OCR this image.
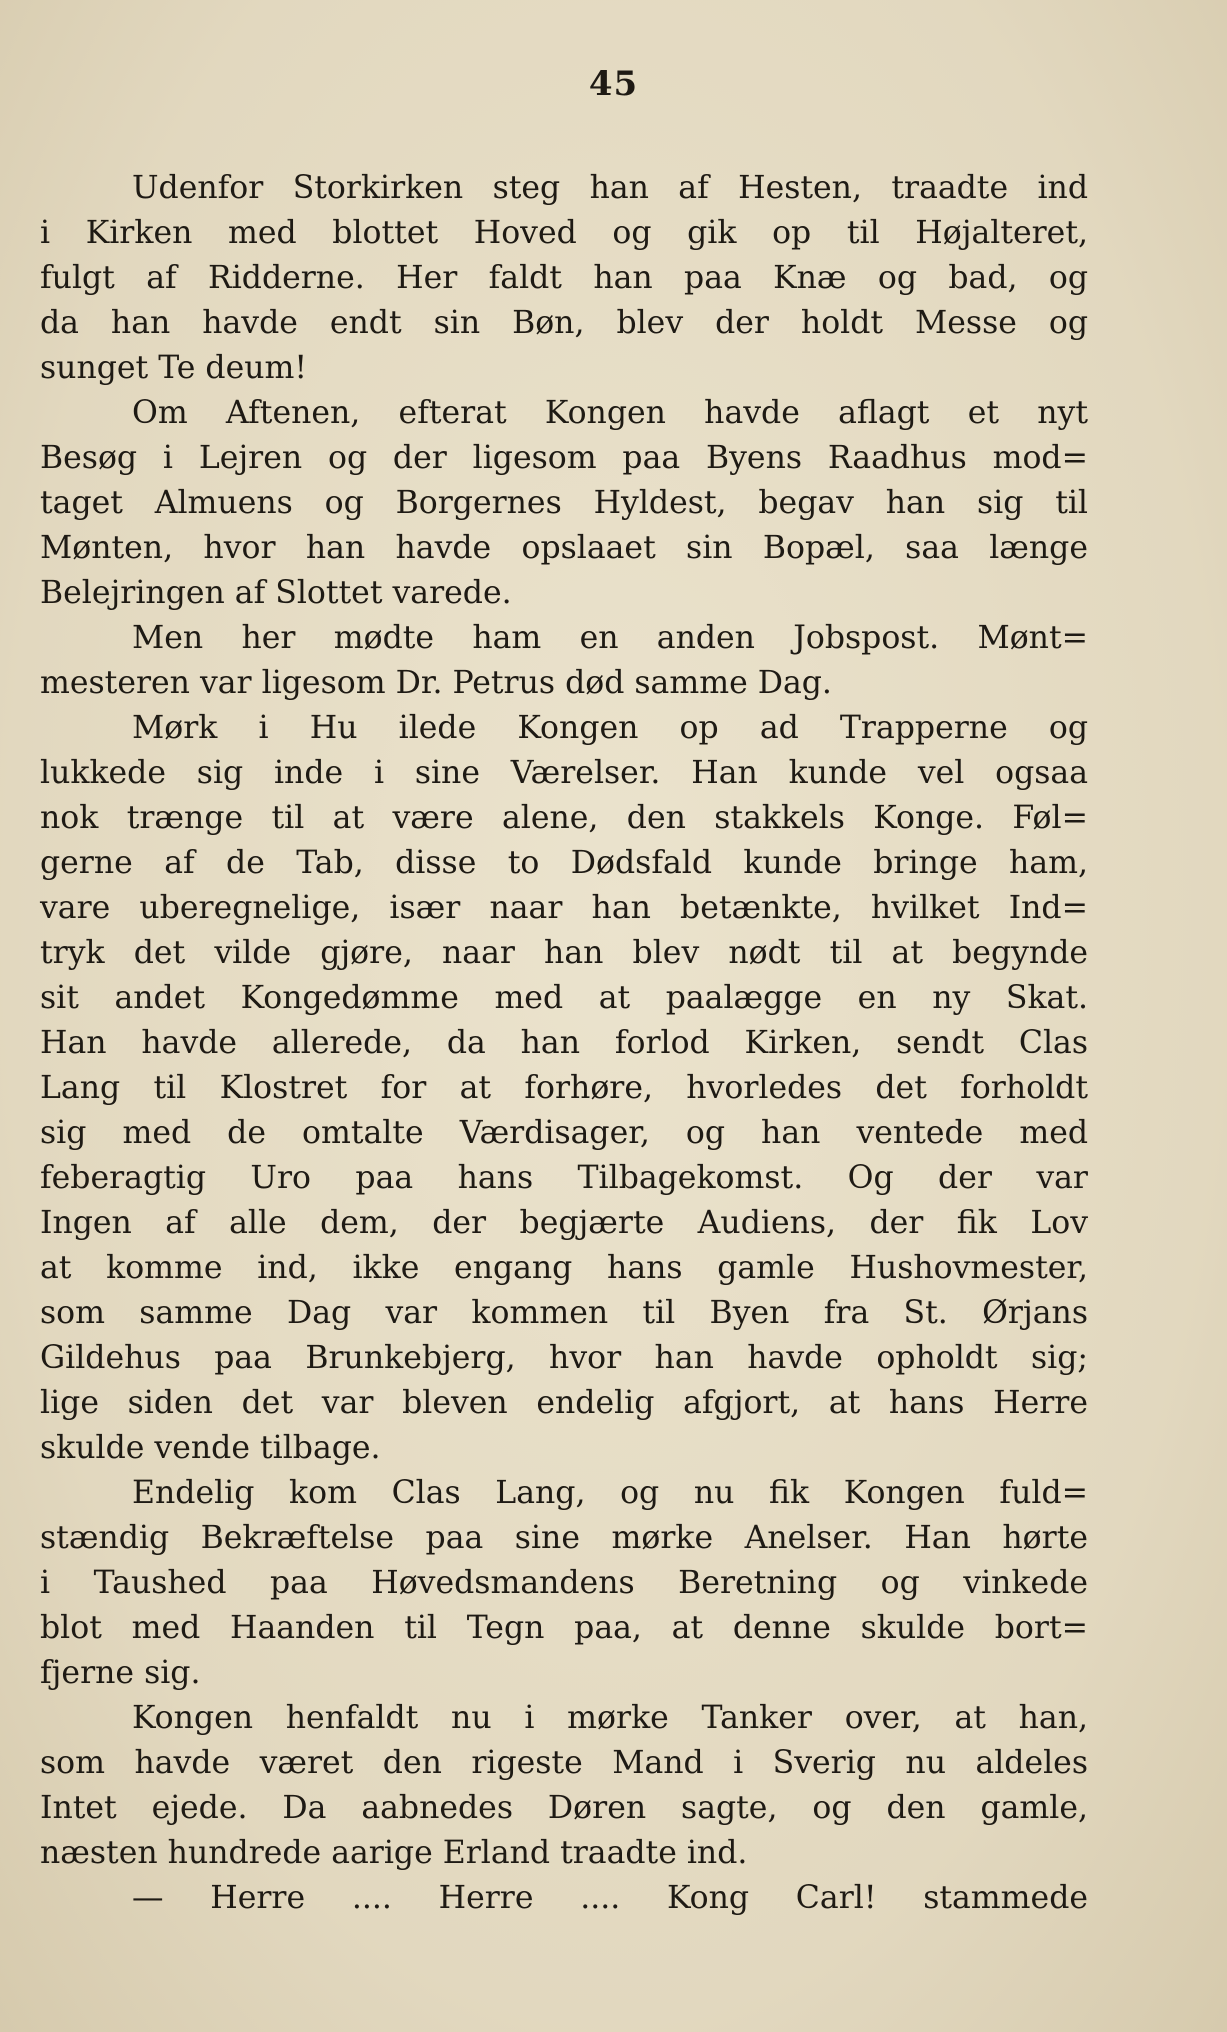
45
Udenfor Storkirken steg han af Hesten, traadte ind
i Kirken med blottet Hoved og gik op til Højalteret,
fulgt af Ridderne. Her faldt han paa Knæ og bad, og
da han havde endt sin Bøn, blev der holdt Messe og
sunget Te deum!
Om Aftenen, efterat Kongen havde aflagt et nyt
Besøg i Lejren og der ligesom paa Byens Raadhus mod=
taget Almuens og Borgernes Hyldest, begav han sig til
Mønten, hvor han havde opslaaet sin Bopæl, saa længe
Belejringen af Slottet varede.
Men her mødte ham en anden Jobspost. Mønt=
mesteren var ligesom Dr. Petrus død samme Dag.
Mørk i Hu ilede Kongen op ad Trapperne og
lukkede sig inde i sine Værelser. Han kunde vel ogsaa
nok trænge til at være alene, den stakkels Konge. Føl=
gerne af de Tab, disse to Dødsfald kunde bringe ham,
vare uberegnelige, især naar han betænkte, hvilket Ind=
tryk det vilde gjøre, naar han blev nødt til at begynde
sit andet Kongedømme med at paalægge en ny Skat.
Han havde allerede, da han forlod Kirken, sendt Clas
Lang til Klostret for at forhøre, hvorledes det forholdt
sig med de omtalte Værdisager, og han ventede med
feberagtig Uro paa hans Tilbagekomst. Og der var
Ingen af alle dem, der begjærte Audiens, der fik Lov
at komme ind, ikke engang hans gamle Hushovmester,
som samme Dag var kommen til Byen fra St. Ørjans
Gildehus paa Brunkebjerg, hvor han havde opholdt sig;
lige siden det var bleven endelig afgjort, at hans Herre
skulde vende tilbage.
Endelig kom Clas Lang, og nu fik Kongen fuld=
stændig Bekræftelse paa sine mørke Anelser. Han hørte
i Taushed paa Høvedsmandens Beretning og vinkede
blot med Haanden til Tegn paa, at denne skulde bort=
fjerne sig.
Kongen henfaldt nu i mørke Tanker over, at han,
som havde været den rigeste Mand i Sverig nu aldeles
Intet ejede. Da aabnedes Døren sagte, og den gamle,
næsten hundrede aarige Erland traadte ind.
— Herre .... Herre .... Kong Carl! stammede
